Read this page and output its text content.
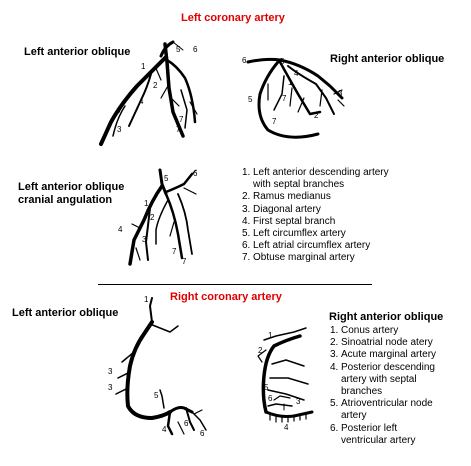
Left coronary artery
Left anterior oblique
Right anterior oblique
Left anterior oblique
cranial angulation
1
2
4
3
5 6
7
7
6	5
4
1
5	7
7
2
3
5
6
1
2
4
3
7
7
1. Left anterior descending artery
with septal branches
2. Ramus medianus
3. Diagonal artery
4. First septal branch
5. Left circumflex artery
6. Left atrial circumflex artery
7. Obtuse marginal artery
Right coronary artery
Left anterior oblique	Right anterior oblique
1
3
3
5
4
6
6
1
2
5
6	3
4
1. Conus artery
2. Sinoatrial node atery
3. Acute marginal artery
4. Posterior descending
artery with septal
branches
5. Atrioventricular node
artery
6. Posterior left
ventricular artery
